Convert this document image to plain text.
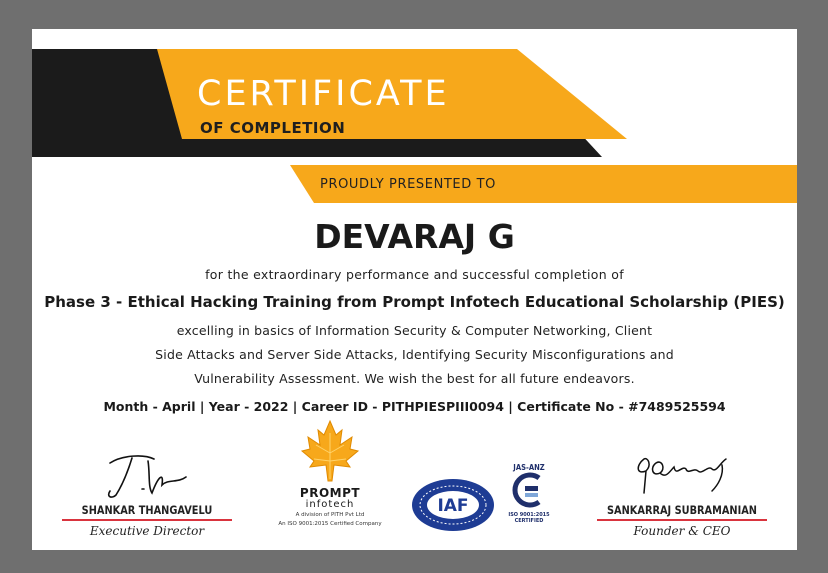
CERTIFICATE
OF COMPLETION
PROUDLY PRESENTED TO
DEVARAJ G
for the extraordinary performance and successful completion of
Phase 3 - Ethical Hacking Training from Prompt Infotech Educational Scholarship (PIES)
excelling in basics of Information Security & Computer Networking, Client
Side Attacks and Server Side Attacks, Identifying Security Misconfigurations and
Vulnerability Assessment. We wish the best for all future endeavors.
Month - April | Year - 2022 | Career ID - PITHPIESPIII0094 | Certificate No - #7489525594
SHANKAR THANGAVELU
Executive Director
PROMPT
infotech
A division of PITH Pvt Ltd
An ISO 9001:2015 Certified Company
IAF
JAS-ANZ
ISO 9001:2015
CERTIFIED
SANKARRAJ SUBRAMANIAN
Founder & CEO
